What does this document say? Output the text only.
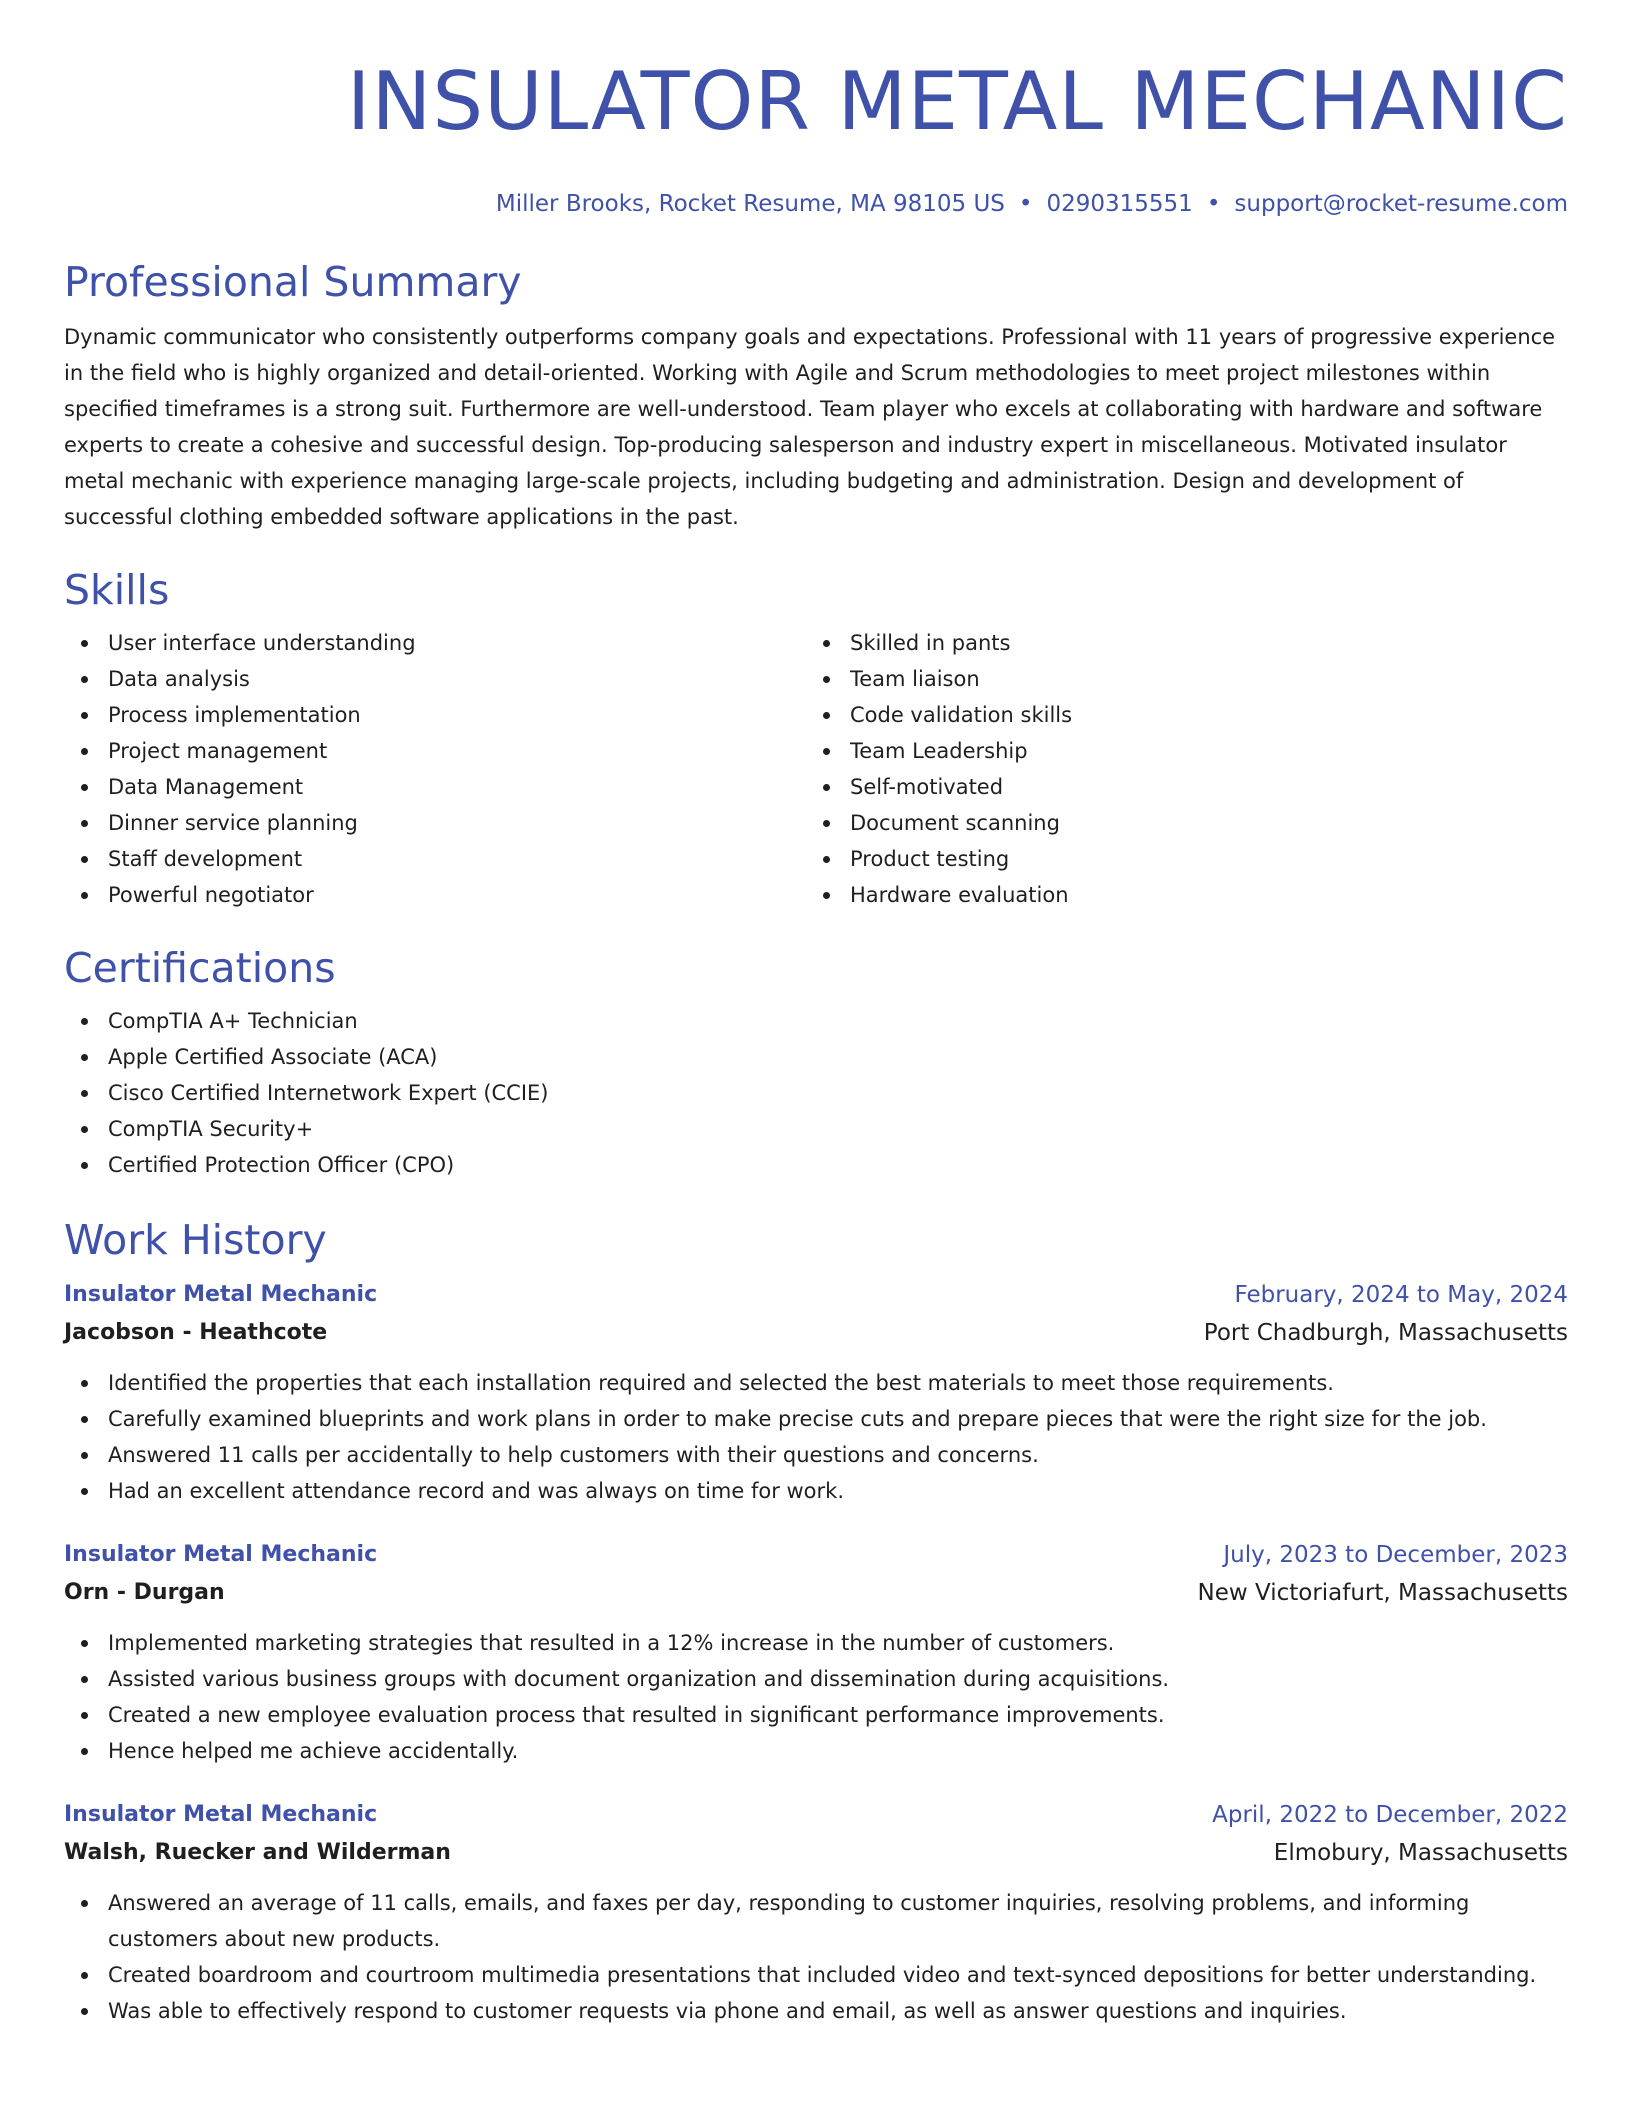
INSULATOR METAL MECHANIC
Miller Brooks, Rocket Resume, MA 98105 US • 0290315551 • support@rocket-resume.com
Professional Summary

Dynamic communicator who consistently outperforms company goals and expectations. Professional with 11 years of progressive experience in the field who is highly organized and detail-oriented. Working with Agile and Scrum methodologies to meet project milestones within specified timeframes is a strong suit. Furthermore are well-understood. Team player who excels at collaborating with hardware and software experts to create a cohesive and successful design. Top-producing salesperson and industry expert in miscellaneous. Motivated insulator metal mechanic with experience managing large-scale projects, including budgeting and administration. Design and development of successful clothing embedded software applications in the past.

Skills
User interface understanding
Data analysis
Process implementation
Project management
Data Management
Dinner service planning
Staff development
Powerful negotiator
Skilled in pants
Team liaison
Code validation skills
Team Leadership
Self-motivated
Document scanning
Product testing
Hardware evaluation
Certifications
CompTIA A+ Technician
Apple Certified Associate (ACA)
Cisco Certified Internetwork Expert (CCIE)
CompTIA Security+
Certified Protection Officer (CPO)
Work History
Insulator Metal Mechanic	February, 2024 to May, 2024
Jacobson - Heathcote	Port Chadburgh, Massachusetts
Identified the properties that each installation required and selected the best materials to meet those requirements.
Carefully examined blueprints and work plans in order to make precise cuts and prepare pieces that were the right size for the job.
Answered 11 calls per accidentally to help customers with their questions and concerns.
Had an excellent attendance record and was always on time for work.
Insulator Metal Mechanic	July, 2023 to December, 2023
Orn - Durgan	New Victoriafurt, Massachusetts
Implemented marketing strategies that resulted in a 12% increase in the number of customers.
Assisted various business groups with document organization and dissemination during acquisitions.
Created a new employee evaluation process that resulted in significant performance improvements.
Hence helped me achieve accidentally.
Insulator Metal Mechanic	April, 2022 to December, 2022
Walsh, Ruecker and Wilderman	Elmobury, Massachusetts
Answered an average of 11 calls, emails, and faxes per day, responding to customer inquiries, resolving problems, and informing customers about new products.
Created boardroom and courtroom multimedia presentations that included video and text-synced depositions for better understanding.
Was able to effectively respond to customer requests via phone and email, as well as answer questions and inquiries.
